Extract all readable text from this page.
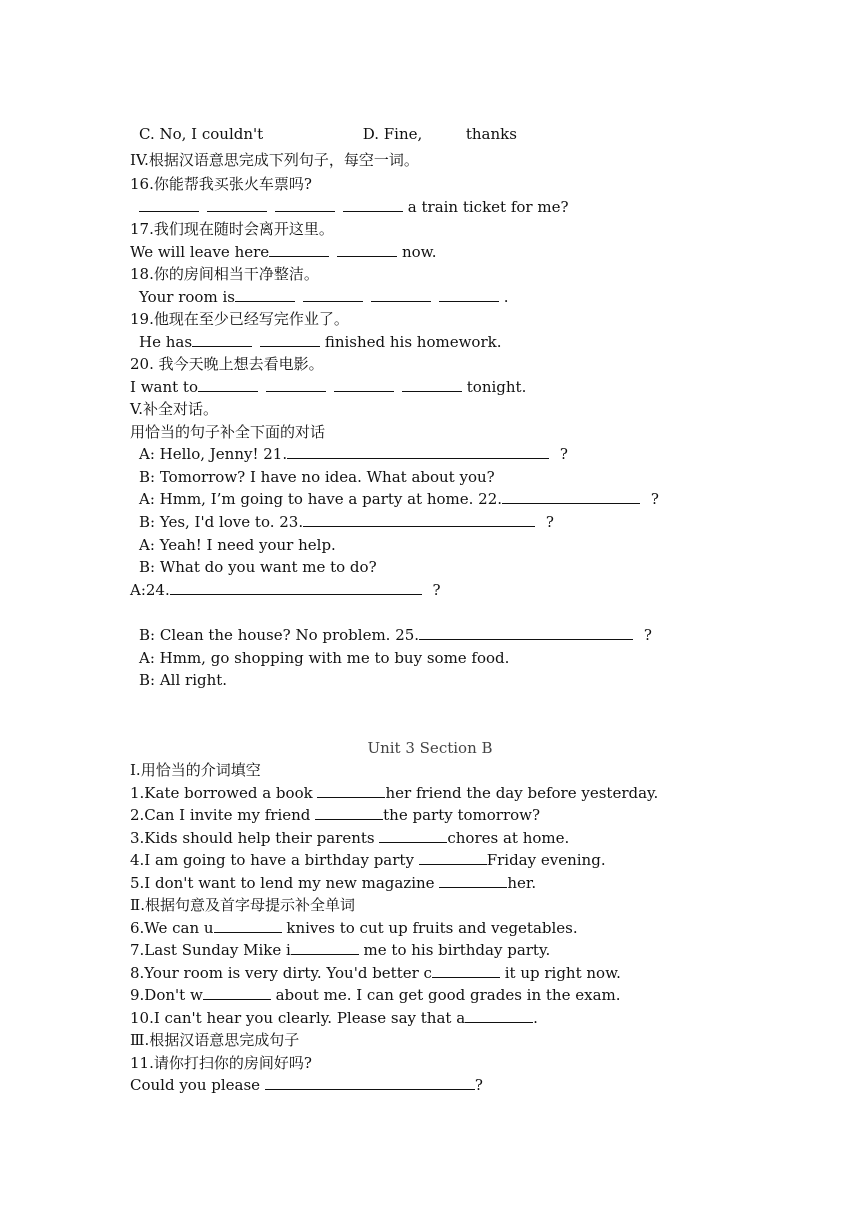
C. No, I couldn't	D. Fine,	thanks
IV.根据汉语意思完成下列句子，每空一词。
16.你能帮我买张火车票吗?
a train ticket for me?
17.我们现在随时会离开这里。
We will leave here	now.
18.你的房间相当干净整洁。
Your room is	.
19.他现在至少已经写完作业了。
He has	finished his homework.
20. 我今天晚上想去看电影。
I want to	tonight.
V.补全对话。
用恰当的句子补全下面的对话
A: Hello, Jenny! 21.	?
B: Tomorrow? I have no idea. What about you?
A: Hmm, I’m going to have a party at home. 22.	?
B: Yes, I'd love to. 23.	?
A: Yeah! I need your help.
B: What do you want me to do?
A:24.	?
B: Clean the house? No problem. 25.	?
A: Hmm, go shopping with me to buy some food.
B: All right.
Unit 3 Section B
Ⅰ.用恰当的介词填空
1.Kate borrowed a book	her friend the day before yesterday.
2.Can I invite my friend	the party tomorrow?
3.Kids should help their parents	chores at home.
4.I am going to have a birthday party	Friday evening.
5.I don't want to lend my new magazine	her.
Ⅱ.根据句意及首字母提示补全单词
6.We can u	knives to cut up fruits and vegetables.
7.Last Sunday Mike i	me to his birthday party.
8.Your room is very dirty. You'd better c	it up right now.
9.Don't w	about me. I can get good grades in the exam.
10.I can't hear you clearly. Please say that a	.
Ⅲ.根据汉语意思完成句子
11.请你打扫你的房间好吗?
Could you please	?
